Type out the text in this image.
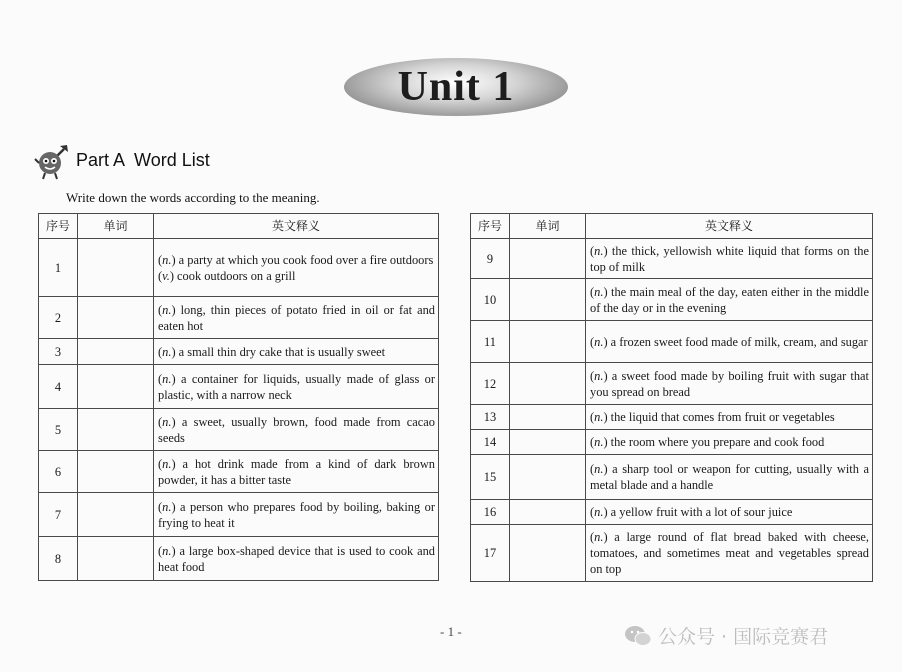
Unit 1
Part A  Word List
Write down the words according to the meaning.
序号	单词	英文释义
1		(n.) a party at which you cook food over a fire outdoors
(v.) cook outdoors on a grill

2		(n.) long, thin pieces of potato fried in oil or fat and eaten hot

3		(n.) a small thin dry cake that is usually sweet

4		(n.) a container for liquids, usually made of glass or plastic, with a narrow neck

5		(n.) a sweet, usually brown, food made from cacao seeds

6		(n.) a hot drink made from a kind of dark brown powder, it has a bitter taste

7		(n.) a person who prepares food by boiling, baking or frying to heat it

8		(n.) a large box-shaped device that is used to cook and heat food
序号	单词	英文释义
9		(n.) the thick, yellowish white liquid that forms on the top of milk

10		(n.) the main meal of the day, eaten either in the middle of the day or in the evening

11		(n.) a frozen sweet food made of milk, cream, and sugar

12		(n.) a sweet food made by boiling fruit with sugar that you spread on bread

13		(n.) the liquid that comes from fruit or vegetables

14		(n.) the room where you prepare and cook food

15		(n.) a sharp tool or weapon for cutting, usually with a metal blade and a handle

16		(n.) a yellow fruit with a lot of sour juice

17		(n.) a large round of flat bread baked with cheese, tomatoes, and sometimes meat and vegetables spread on top
- 1 -	公众号 · 国际竞赛君
